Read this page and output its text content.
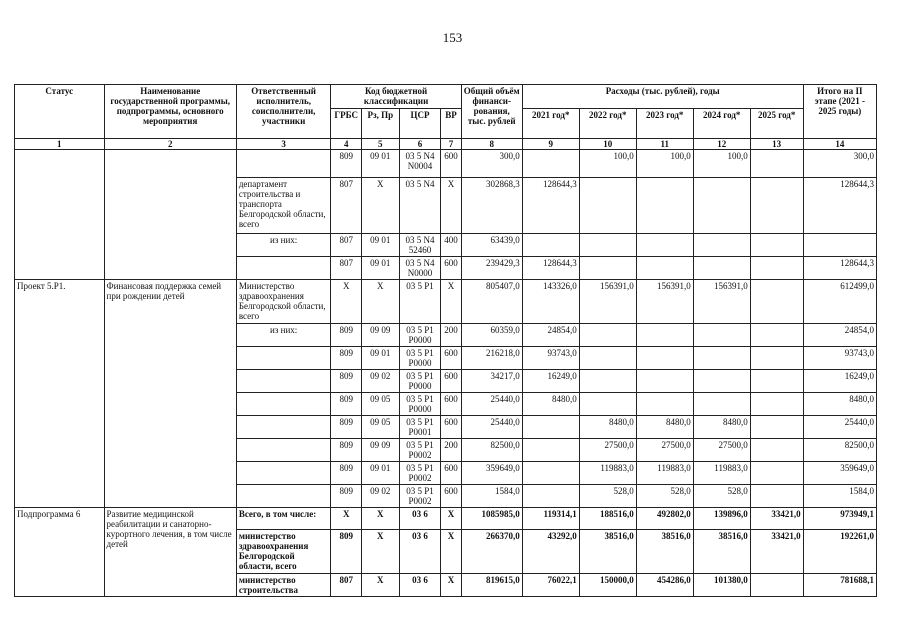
153
Статус	Наименование государственной программы, подпрограммы, основного мероприятия	Ответственный исполнитель, соисполнители, участники	Код бюджетной классификации				Общий объём финанси-рования, тыс. рублей	Расходы (тыс. рублей), годы					Итого на II этапе (2021 - 2025 годы)
			ГРБС	Рз, Пр	ЦСР	ВР		2021 год*	2022 год*	2023 год*	2024 год*	2025 год*	
1	2	3	4	5	6	7	8	9	10	11	12	13	14
			809	09 01	03 5 N4 N0004	600	300,0		100,0	100,0	100,0		300,0
		департамент строительства и транспорта Белгородской области, всего	807	X	03 5 N4	X	302868,3	128644,3					128644,3
		из них:	807	09 01	03 5 N4 52460	400	63439,0						
			807	09 01	03 5 N4 N0000	600	239429,3	128644,3					128644,3
Проект 5.Р1.	Финансовая поддержка семей при рождении детей	Министерство здравоохранения Белгородской области, всего	X	X	03 5 Р1	X	805407,0	143326,0	156391,0	156391,0	156391,0		612499,0
		из них:	809	09 09	03 5 Р1 Р0000	200	60359,0	24854,0					24854,0
			809	09 01	03 5 Р1 Р0000	600	216218,0	93743,0					93743,0
			809	09 02	03 5 Р1 Р0000	600	34217,0	16249,0					16249,0
			809	09 05	03 5 Р1 Р0000	600	25440,0	8480,0					8480,0
			809	09 05	03 5 Р1 Р0001	600	25440,0		8480,0	8480,0	8480,0		25440,0
			809	09 09	03 5 Р1 Р0002	200	82500,0		27500,0	27500,0	27500,0		82500,0
			809	09 01	03 5 Р1 Р0002	600	359649,0		119883,0	119883,0	119883,0		359649,0
			809	09 02	03 5 Р1 Р0002	600	1584,0		528,0	528,0	528,0		1584,0
Подпрограмма 6	Развитие медицинской реабилитации и санаторно-курортного лечения, в том числе детей	Всего, в том числе:	X	X	03 6	X	1085985,0	119314,1	188516,0	492802,0	139896,0	33421,0	973949,1
		министерство здравоохранения Белгородской области, всего	809	X	03 6	X	266370,0	43292,0	38516,0	38516,0	38516,0	33421,0	192261,0
		министерство строительства	807	X	03 6	X	819615,0	76022,1	150000,0	454286,0	101380,0		781688,1
